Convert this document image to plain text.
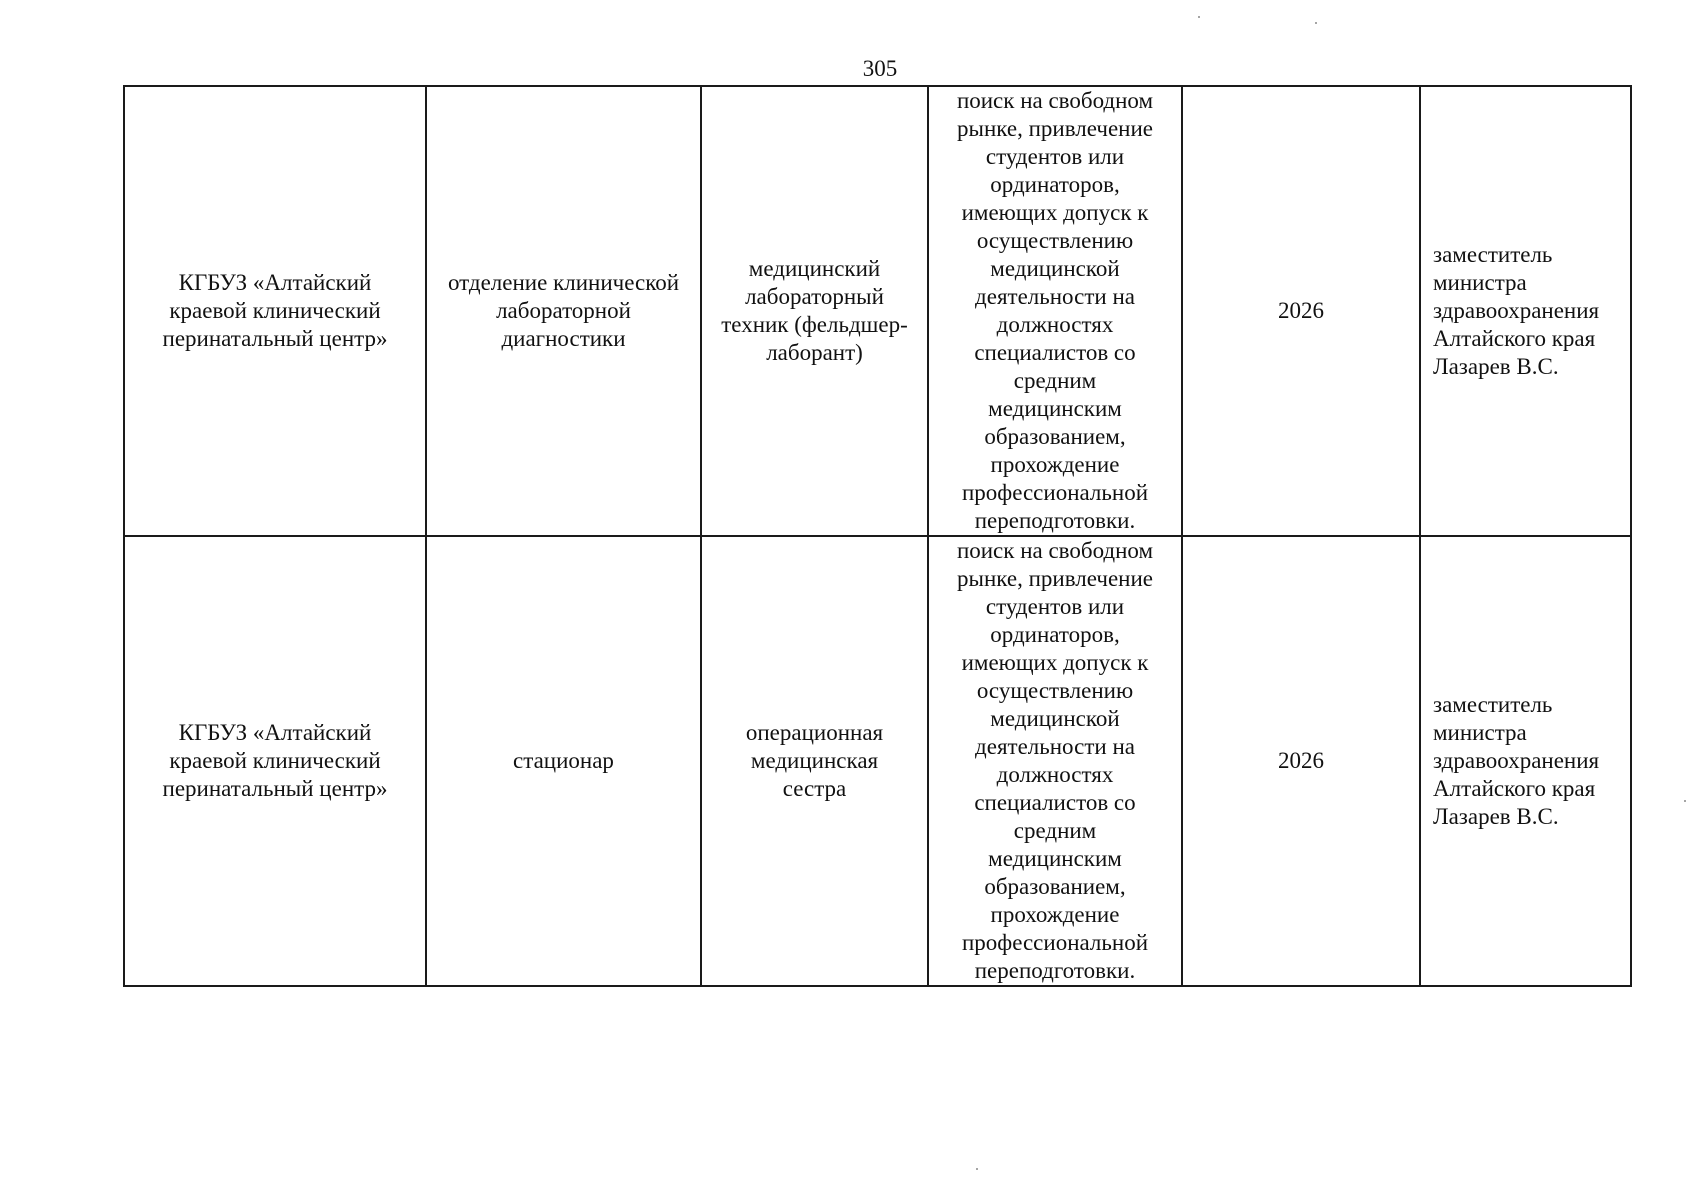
305
КГБУЗ «Алтайский краевой клинический перинатальный центр»	отделение клинической лабораторной диагностики	медицинский лабораторный техник (фельдшер-лаборант)	поиск на свободном рынке, привлечение студентов или ординаторов, имеющих допуск к осуществлению медицинской деятельности на должностях специалистов со средним медицинским образованием, прохождение профессиональной переподготовки.	2026	заместитель министра здравоохранения Алтайского края Лазарев В.С.
КГБУЗ «Алтайский краевой клинический перинатальный центр»	стационар	операционная медицинская сестра	поиск на свободном рынке, привлечение студентов или ординаторов, имеющих допуск к осуществлению медицинской деятельности на должностях специалистов со средним медицинским образованием, прохождение профессиональной переподготовки.	2026	заместитель министра здравоохранения Алтайского края Лазарев В.С.
